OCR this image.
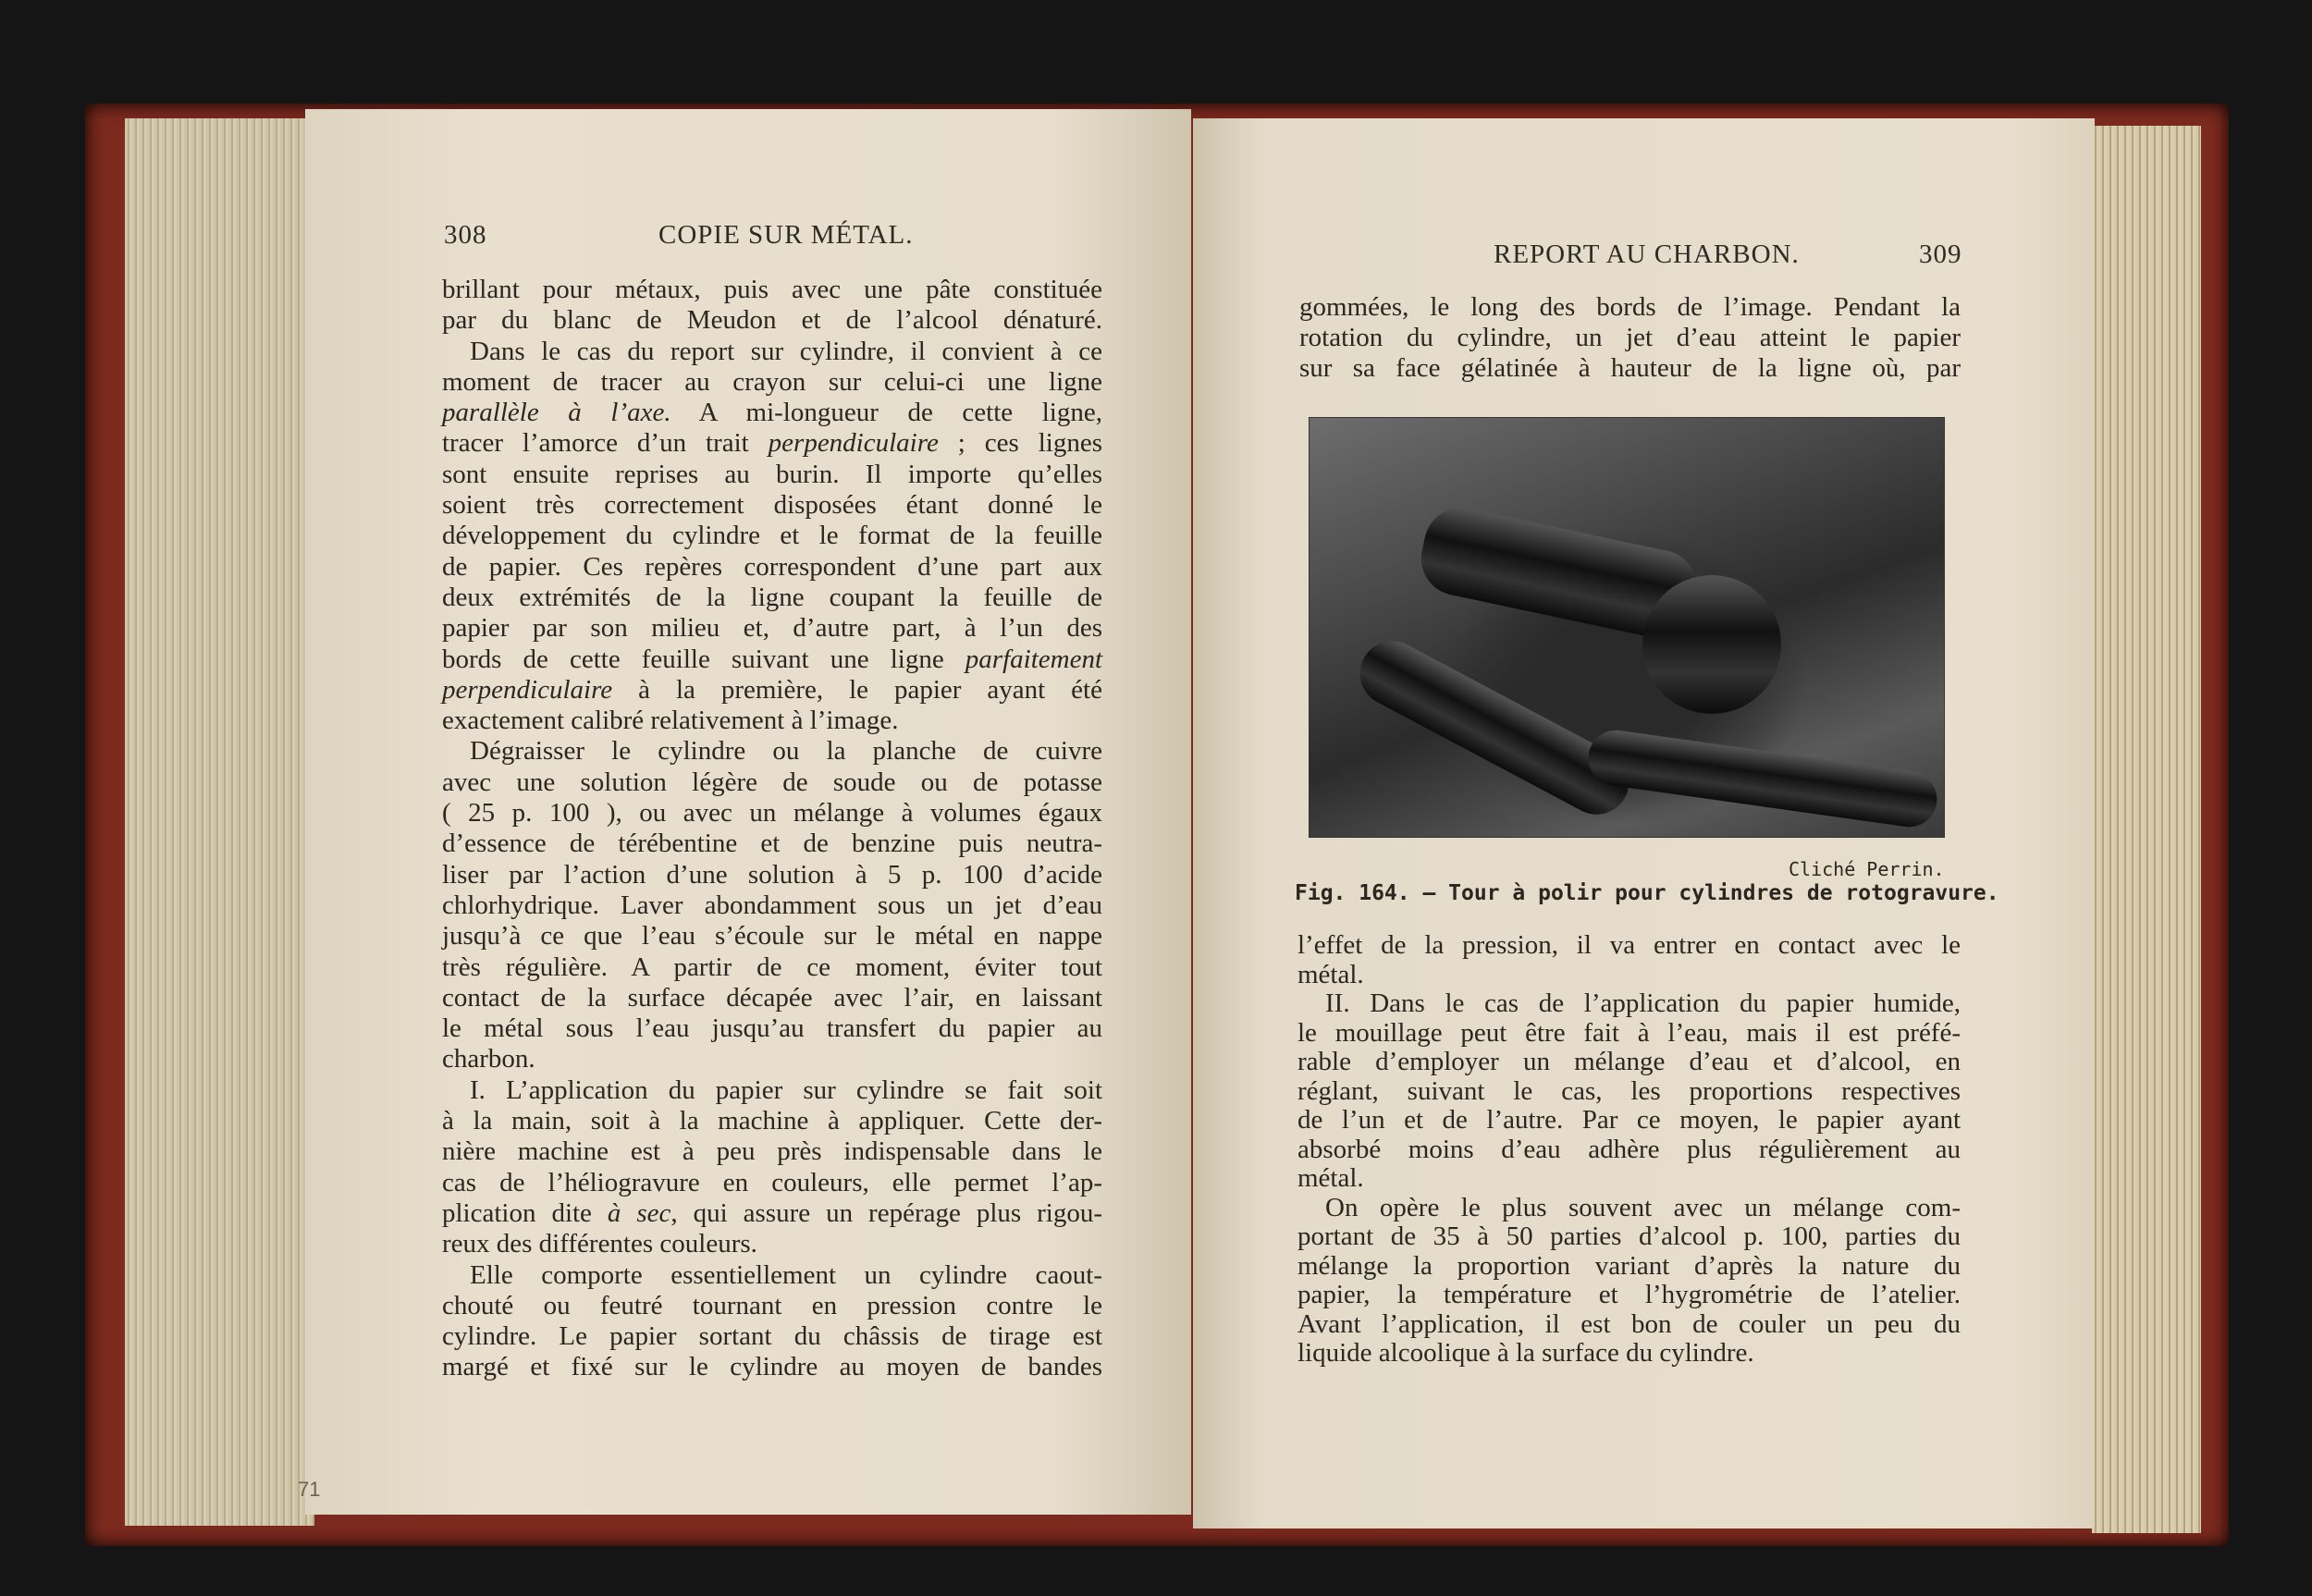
308	COPIE SUR MÉTAL.
REPORT AU CHARBON.	309
brillant pour métaux, puis avec une pâte constituée
par du blanc de Meudon et de l’alcool dénaturé.
Dans le cas du report sur cylindre, il convient à ce
moment de tracer au crayon sur celui-ci une ligne
parallèle à l’axe. A mi-longueur de cette ligne,
tracer l’amorce d’un trait perpendiculaire ; ces lignes
sont ensuite reprises au burin. Il importe qu’elles
soient très correctement disposées étant donné le
développement du cylindre et le format de la feuille
de papier. Ces repères correspondent d’une part aux
deux extrémités de la ligne coupant la feuille de
papier par son milieu et, d’autre part, à l’un des
bords de cette feuille suivant une ligne parfaitement
perpendiculaire à la première, le papier ayant été
exactement calibré relativement à l’image.
Dégraisser le cylindre ou la planche de cuivre
avec une solution légère de soude ou de potasse
( 25 p. 100 ), ou avec un mélange à volumes égaux
d’essence de térébentine et de benzine puis neutra-
liser par l’action d’une solution à 5 p. 100 d’acide
chlorhydrique. Laver abondamment sous un jet d’eau
jusqu’à ce que l’eau s’écoule sur le métal en nappe
très régulière. A partir de ce moment, éviter tout
contact de la surface décapée avec l’air, en laissant
le métal sous l’eau jusqu’au transfert du papier au
charbon.
I. L’application du papier sur cylindre se fait soit
à la main, soit à la machine à appliquer. Cette der-
nière machine est à peu près indispensable dans le
cas de l’héliogravure en couleurs, elle permet l’ap-
plication dite à sec, qui assure un repérage plus rigou-
reux des différentes couleurs.
Elle comporte essentiellement un cylindre caout-
chouté ou feutré tournant en pression contre le
cylindre. Le papier sortant du châssis de tirage est
margé et fixé sur le cylindre au moyen de bandes
gommées, le long des bords de l’image. Pendant la
rotation du cylindre, un jet d’eau atteint le papier
sur sa face gélatinée à hauteur de la ligne où, par
Cliché Perrin.
Fig. 164. — Tour à polir pour cylindres de rotogravure.
l’effet de la pression, il va entrer en contact avec le
métal.
II. Dans le cas de l’application du papier humide,
le mouillage peut être fait à l’eau, mais il est préfé-
rable d’employer un mélange d’eau et d’alcool, en
réglant, suivant le cas, les proportions respectives
de l’un et de l’autre. Par ce moyen, le papier ayant
absorbé moins d’eau adhère plus régulièrement au
métal.
On opère le plus souvent avec un mélange com-
portant de 35 à 50 parties d’alcool p. 100, parties du
mélange la proportion variant d’après la nature du
papier, la température et l’hygrométrie de l’atelier.
Avant l’application, il est bon de couler un peu du
liquide alcoolique à la surface du cylindre.
71
